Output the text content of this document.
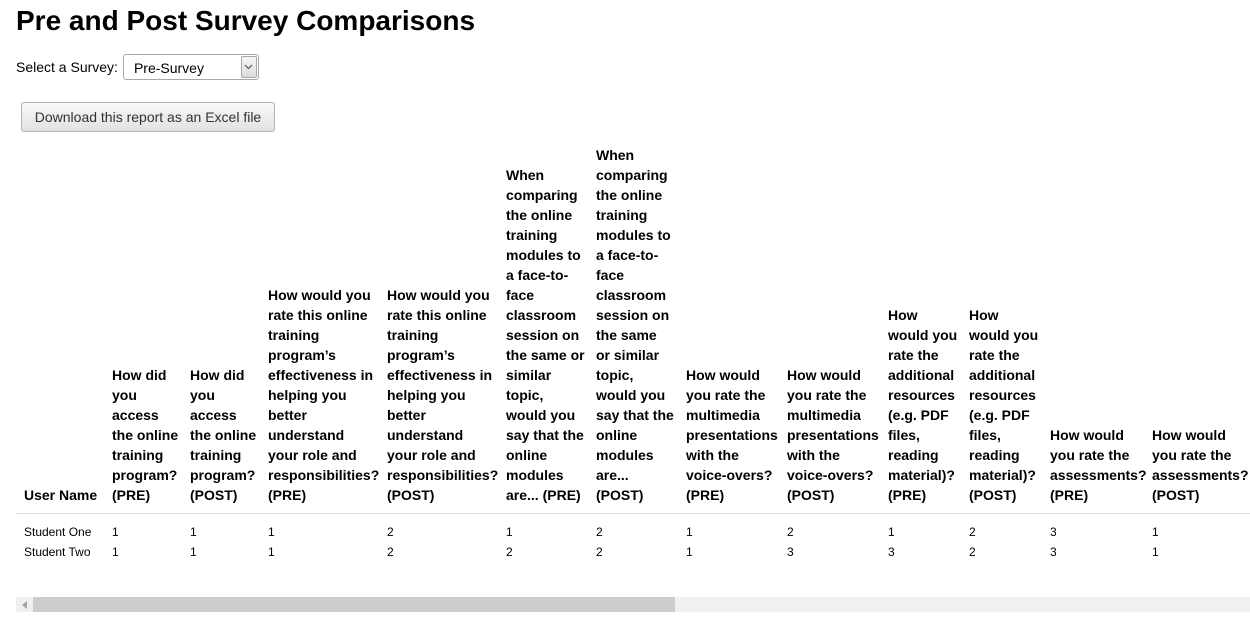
Pre and Post Survey Comparisons
Select a Survey: Pre-Survey
Download this report as an Excel file
User Name	How did you access the online training program? (PRE)	How did you access the online training program? (POST)	How would you rate this online training program’s effectiveness in helping you better understand your role and responsibilities? (PRE)	How would you rate this online training program’s effectiveness in helping you better understand your role and responsibilities? (POST)	When comparing the online training modules to a face-to-face classroom session on the same or similar topic, would you say that the online modules are... (PRE)	When comparing the online training modules to a face-to-face classroom session on the same or similar topic, would you say that the online modules are... (POST)	How would you rate the multimedia presentations with the voice-overs? (PRE)	How would you rate the multimedia presentations with the voice-overs? (POST)	How would you rate the additional resources (e.g. PDF files, reading material)? (PRE)	How would you rate the additional resources (e.g. PDF files, reading material)? (POST)	How would you rate the assessments? (PRE)	How would you rate the assessments? (POST)

Student One	1	1	1	2	1	2	1	2	1	2	3	1
Student Two	1	1	1	2	2	2	1	3	3	2	3	1
